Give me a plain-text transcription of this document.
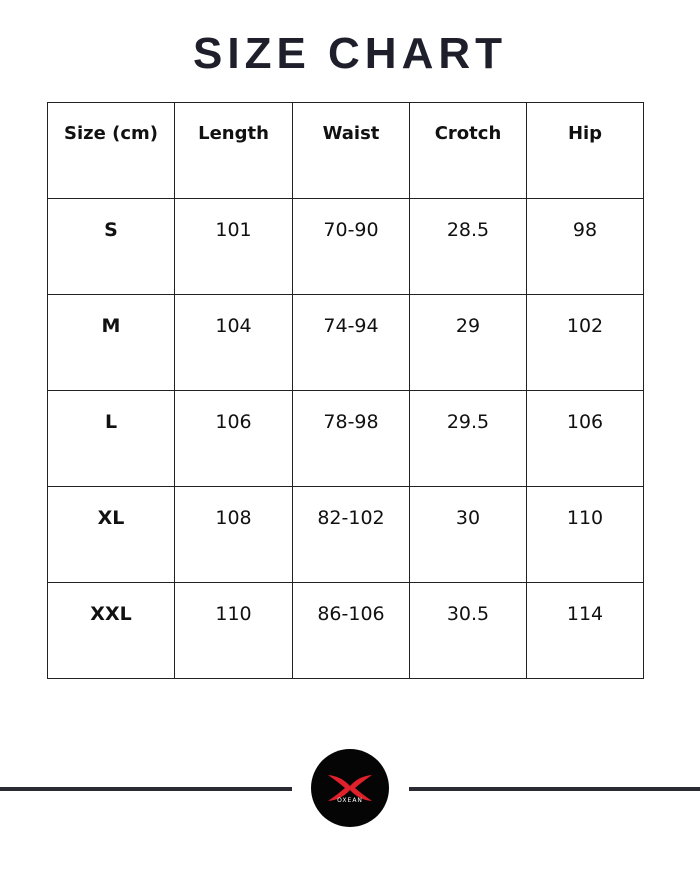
SIZE CHART
Size (cm)	Length	Waist	Crotch	Hip
S	101	70-90	28.5	98
M	104	74-94	29	102
L	106	78-98	29.5	106
XL	108	82-102	30	110
XXL	110	86-106	30.5	114
OXEAN
